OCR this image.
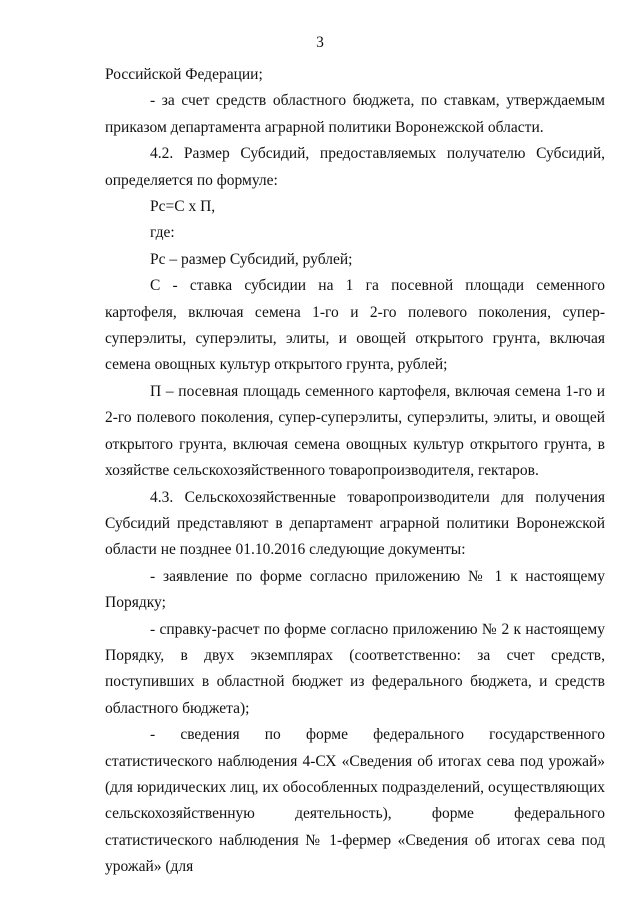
3

Российской Федерации;

- за счет средств областного бюджета, по ставкам, утверждаемым приказом департамента аграрной политики Воронежской области.

4.2. Размер Субсидий, предоставляемых получателю Субсидий, определяется по формуле:

Рс=С х П,

где:

Рс – размер Субсидий, рублей;

С - ставка субсидии на 1 га посевной площади семенного картофеля, включая семена 1-го и 2-го полевого поколения, супер-суперэлиты, суперэлиты, элиты, и овощей открытого грунта, включая семена овощных культур открытого грунта, рублей;

П – посевная площадь семенного картофеля, включая семена 1-го и 2-го полевого поколения, супер-суперэлиты, суперэлиты, элиты, и овощей открытого грунта, включая семена овощных культур открытого грунта, в хозяйстве сельскохозяйственного товаропроизводителя, гектаров.

4.3. Сельскохозяйственные товаропроизводители для получения Субсидий представляют в департамент аграрной политики Воронежской области не позднее 01.10.2016 следующие документы:

- заявление по форме согласно приложению № 1 к настоящему Порядку;

- справку-расчет по форме согласно приложению № 2 к настоящему Порядку, в двух экземплярах (соответственно: за счет средств, поступивших в областной бюджет из федерального бюджета, и средств областного бюджета);

- сведения по форме федерального государственного статистического наблюдения 4-СХ «Сведения об итогах сева под урожай» (для юридических лиц, их обособленных подразделений, осуществляющих сельскохозяйственную деятельность), форме федерального статистического наблюдения № 1-фермер «Сведения об итогах сева под урожай» (для
